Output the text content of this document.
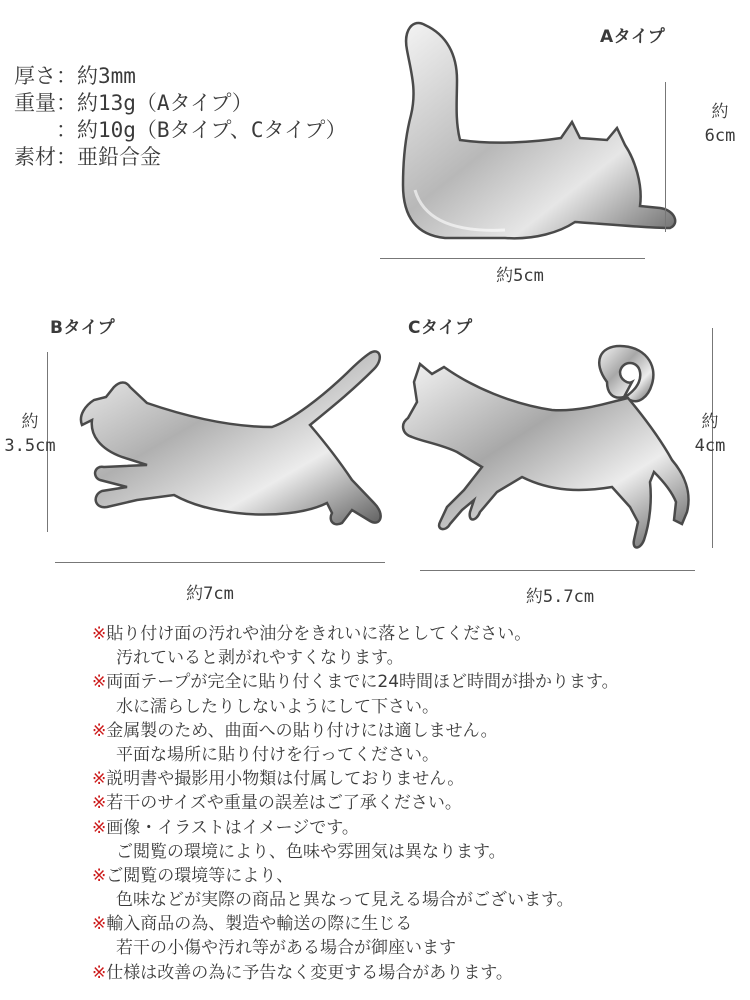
厚さ：約3mm
重量：約13g（Aタイプ）
：約10g（Bタイプ、Cタイプ）
素材：亜鉛合金
Aタイプ
約
6cm
約5cm
Bタイプ
約
3.5cm
約7cm
Cタイプ
約
4cm
約5.7cm
※貼り付け面の汚れや油分をきれいに落としてください。
汚れていると剥がれやすくなります。
※両面テープが完全に貼り付くまでに24時間ほど時間が掛かります。
水に濡らしたりしないようにして下さい。
※金属製のため、曲面への貼り付けには適しません。
平面な場所に貼り付けを行ってください。
※説明書や撮影用小物類は付属しておりません。
※若干のサイズや重量の誤差はご了承ください。
※画像・イラストはイメージです。
ご閲覧の環境により、色味や雰囲気は異なります。
※ご閲覧の環境等により、
色味などが実際の商品と異なって見える場合がございます。
※輸入商品の為、製造や輸送の際に生じる
若干の小傷や汚れ等がある場合が御座います
※仕様は改善の為に予告なく変更する場合があります。
